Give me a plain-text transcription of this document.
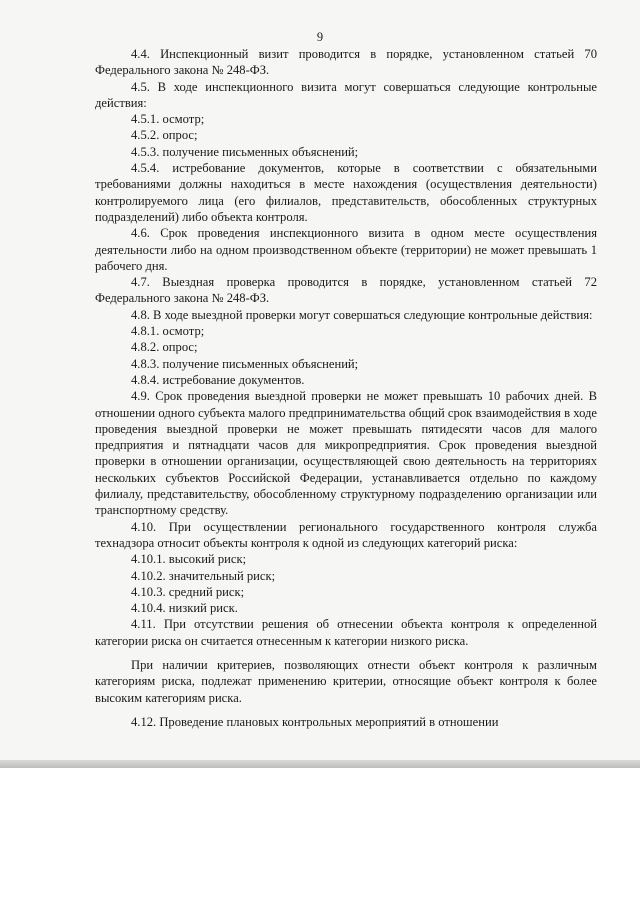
9

4.4. Инспекционный визит проводится в порядке, установленном статьей 70 Федерального закона № 248-ФЗ.

4.5. В ходе инспекционного визита могут совершаться следующие контрольные действия:

4.5.1. осмотр;

4.5.2. опрос;

4.5.3. получение письменных объяснений;

4.5.4. истребование документов, которые в соответствии с обязательными требованиями должны находиться в месте нахождения (осуществления деятельности) контролируемого лица (его филиалов, представительств, обособленных структурных подразделений) либо объекта контроля.

4.6. Срок проведения инспекционного визита в одном месте осуществления деятельности либо на одном производственном объекте (территории) не может превышать 1 рабочего дня.

4.7. Выездная проверка проводится в порядке, установленном статьей 72 Федерального закона № 248-ФЗ.

4.8. В ходе выездной проверки могут совершаться следующие контрольные действия:

4.8.1. осмотр;

4.8.2. опрос;

4.8.3. получение письменных объяснений;

4.8.4. истребование документов.

4.9. Срок проведения выездной проверки не может превышать 10 рабочих дней. В отношении одного субъекта малого предпринимательства общий срок взаимодействия в ходе проведения выездной проверки не может превышать пятидесяти часов для малого предприятия и пятнадцати часов для микропредприятия. Срок проведения выездной проверки в отношении организации, осуществляющей свою деятельность на территориях нескольких субъектов Российской Федерации, устанавливается отдельно по каждому филиалу, представительству, обособленному структурному подразделению организации или транспортному средству.

4.10. При осуществлении регионального государственного контроля служба технадзора относит объекты контроля к одной из следующих категорий риска:

4.10.1. высокий риск;

4.10.2. значительный риск;

4.10.3. средний риск;

4.10.4. низкий риск.

4.11. При отсутствии решения об отнесении объекта контроля к определенной категории риска он считается отнесенным к категории низкого риска.

При наличии критериев, позволяющих отнести объект контроля к различным категориям риска, подлежат применению критерии, относящие объект контроля к более высоким категориям риска.

4.12. Проведение плановых контрольных мероприятий в отношении
